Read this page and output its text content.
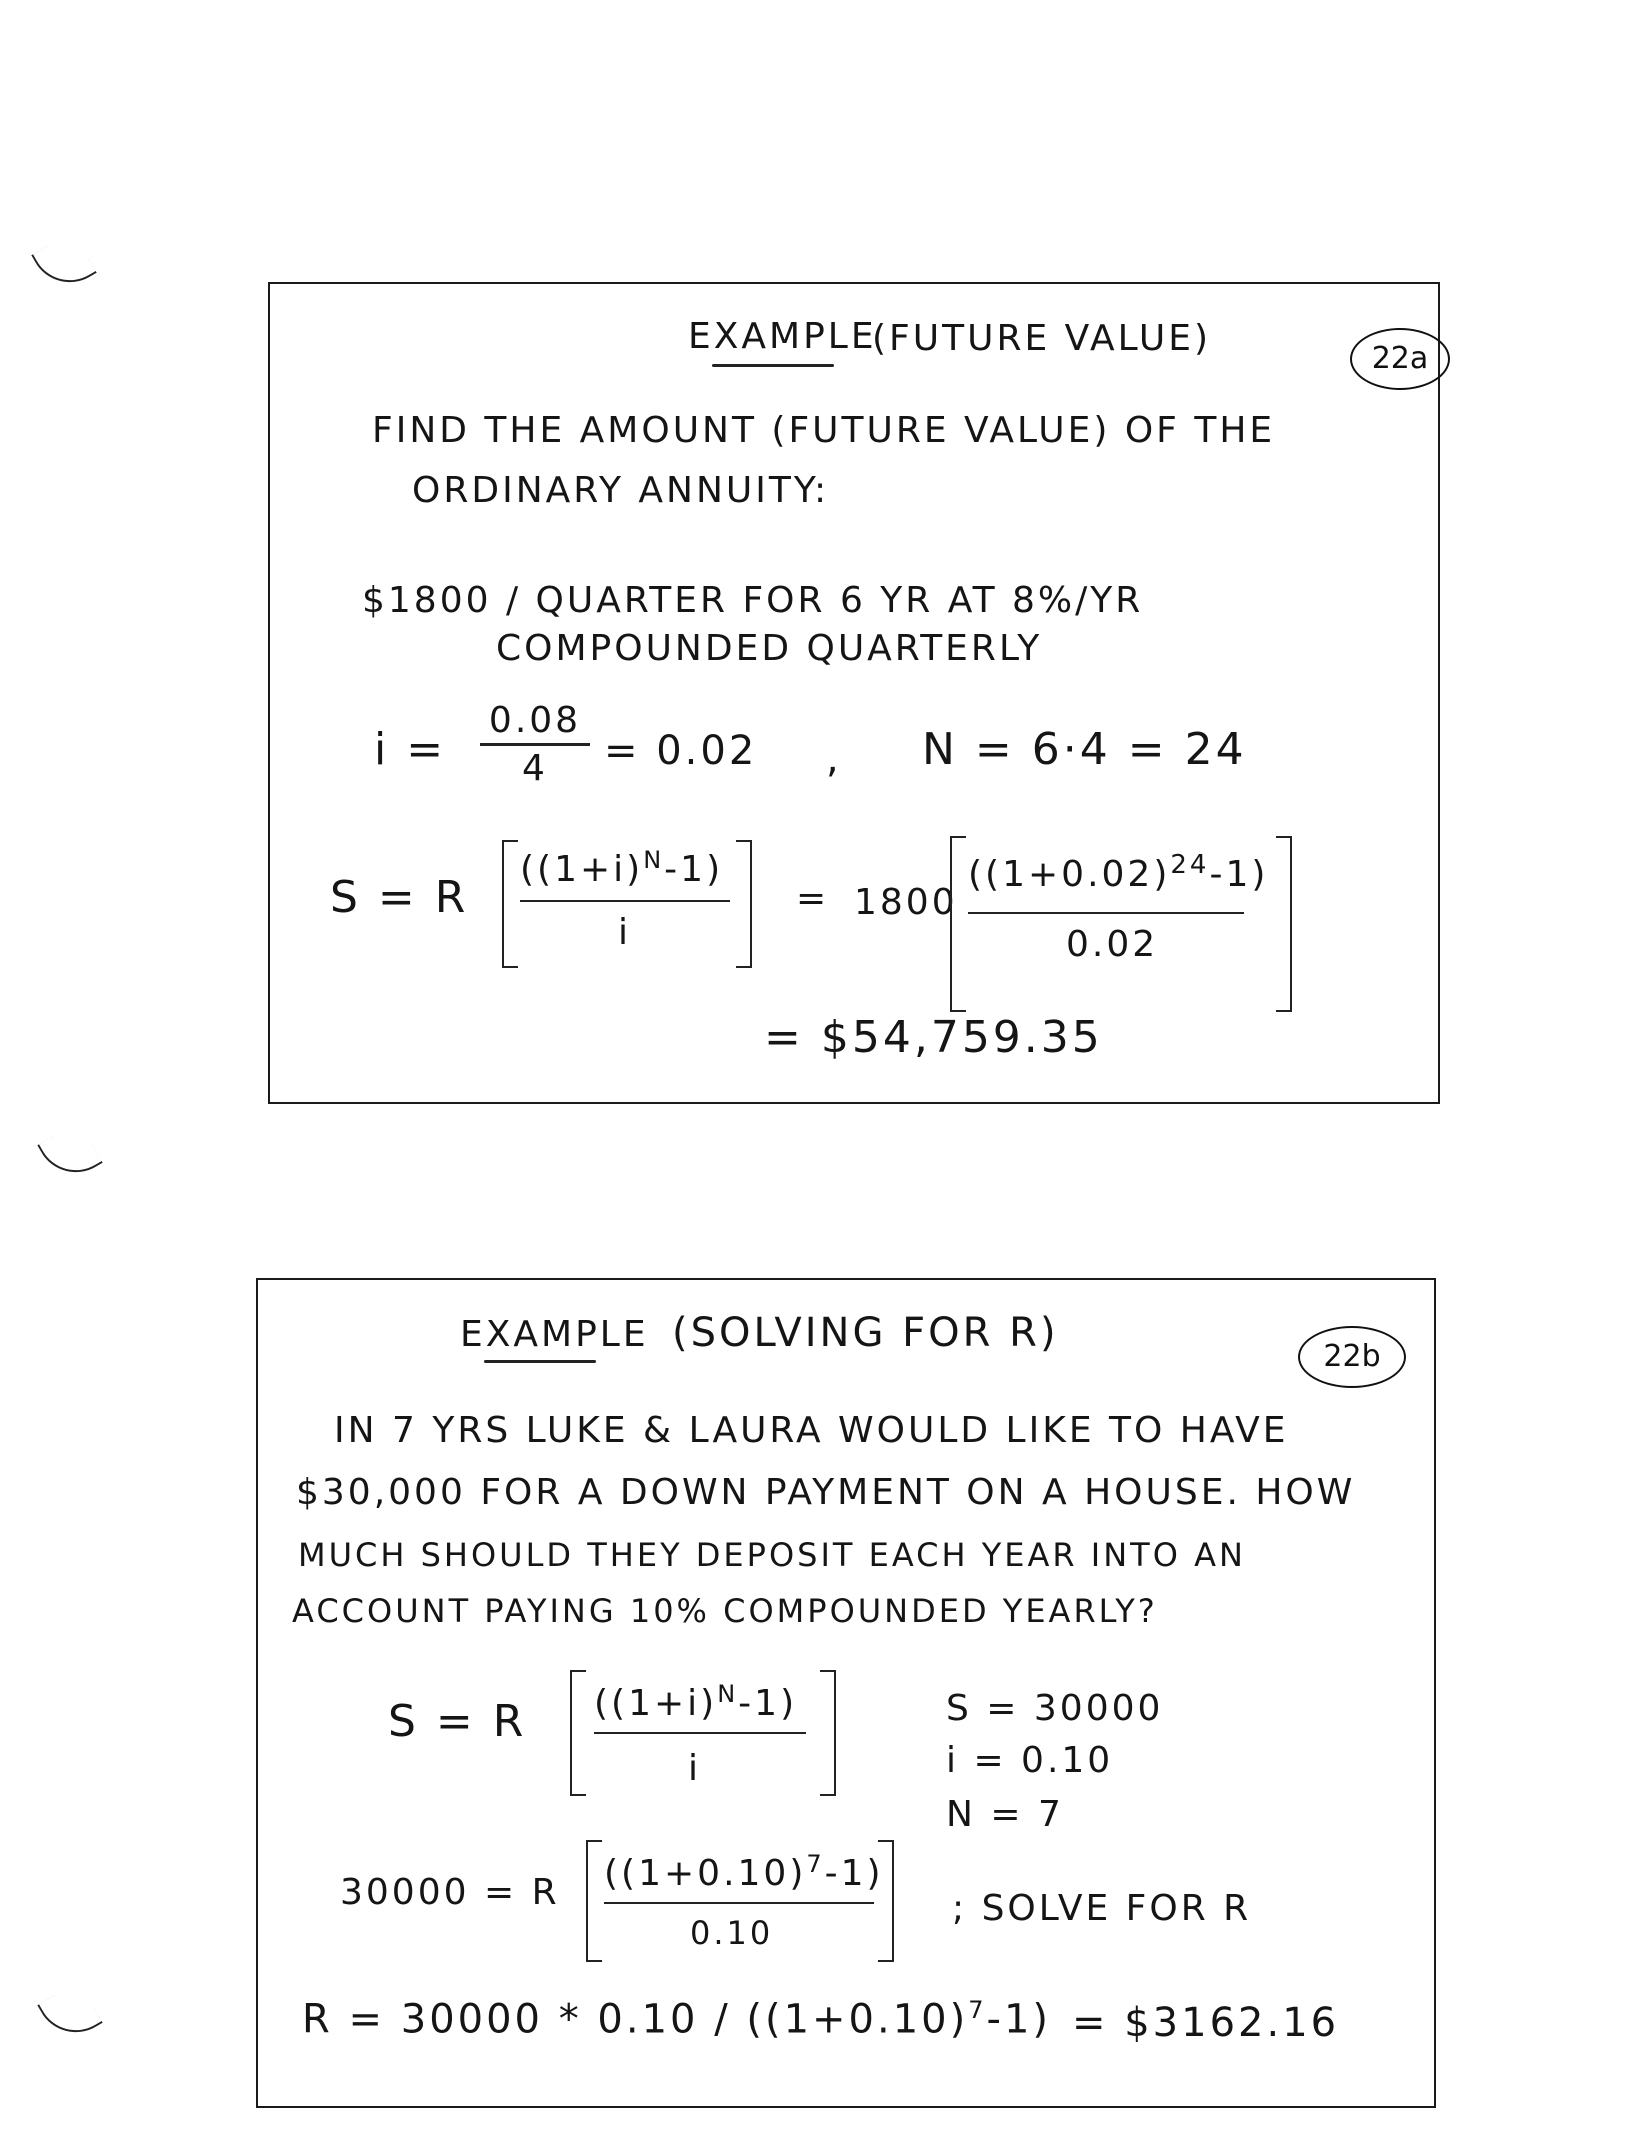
22a
EXAMPLE
(FUTURE VALUE)
FIND THE AMOUNT (FUTURE VALUE) OF THE
ORDINARY ANNUITY:
$1800 / QUARTER FOR 6 YR AT 8%/YR
COMPOUNDED QUARTERLY
i =
0.08
4	= 0.02 , N = 6·4 = 24
S = R
$((1+i)^N-1)$
i
= 1800
$((1+0.02)^{24}-1)$
0.02
= $54,759.35
22b
EXAMPLE (SOLVING FOR R)
IN 7 YRS LUKE & LAURA WOULD LIKE TO HAVE
$30,000 FOR A DOWN PAYMENT ON A HOUSE. HOW
MUCH SHOULD THEY DEPOSIT EACH YEAR INTO AN
ACCOUNT PAYING 10% COMPOUNDED YEARLY?
S = R $((1+i)^N-1)$
i
S = 30000
i = 0.10
N = 7
30000 = R $((1+0.10)^7-1)$
0.10
; SOLVE FOR R
$R = 30000 * 0.10 / ((1+0.10)^7-1)$ = $3162.16
